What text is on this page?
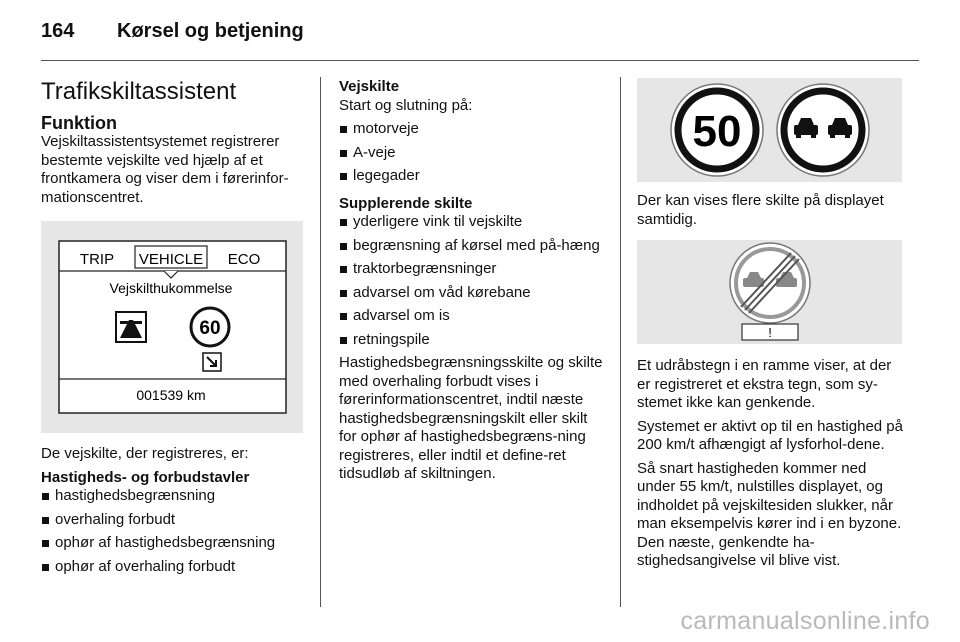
164 Kørsel og betjening
Trafikskiltassistent
Funktion

Vejskiltassistentsystemet registrerer bestemte vejskilte ved hjælp af et frontkamera og viser dem i førerinfor-mationscentret.

TRIP VEHICLE ECO
Vejskilthukommelse
60
001539 km

De vejskilte, der registreres, er:

Hastigheds- og forbudstavler
hastighedsbegrænsning
overhaling forbudt
ophør af hastighedsbegrænsning
ophør af overhaling forbudt
Vejskilte

Start og slutning på:

motorveje
A-veje
legegader
Supplerende skilte
yderligere vink til vejskilte
begrænsning af kørsel med på-hæng
traktorbegrænsninger
advarsel om våd kørebane
advarsel om is
retningspile

Hastighedsbegrænsningsskilte og skilte med overhaling forbudt vises i førerinformationscentret, indtil næste hastighedsbegrænsningskilt eller skilt for ophør af hastighedsbegræns-ning registreres, eller indtil et define-ret tidsudløb af skiltningen.

50

Der kan vises flere skilte på displayet samtidig.

!

Et udråbstegn i en ramme viser, at der er registreret et ekstra tegn, som sy-stemet ikke kan genkende.

Systemet er aktivt op til en hastighed på 200 km/t afhængigt af lysforhol-dene.

Så snart hastigheden kommer ned under 55 km/t, nulstilles displayet, og indholdet på vejskiltesiden slukker, når man eksempelvis kører ind i en byzone. Den næste, genkendte ha-stighedsangivelse vil blive vist.

carmanualsonline.info
